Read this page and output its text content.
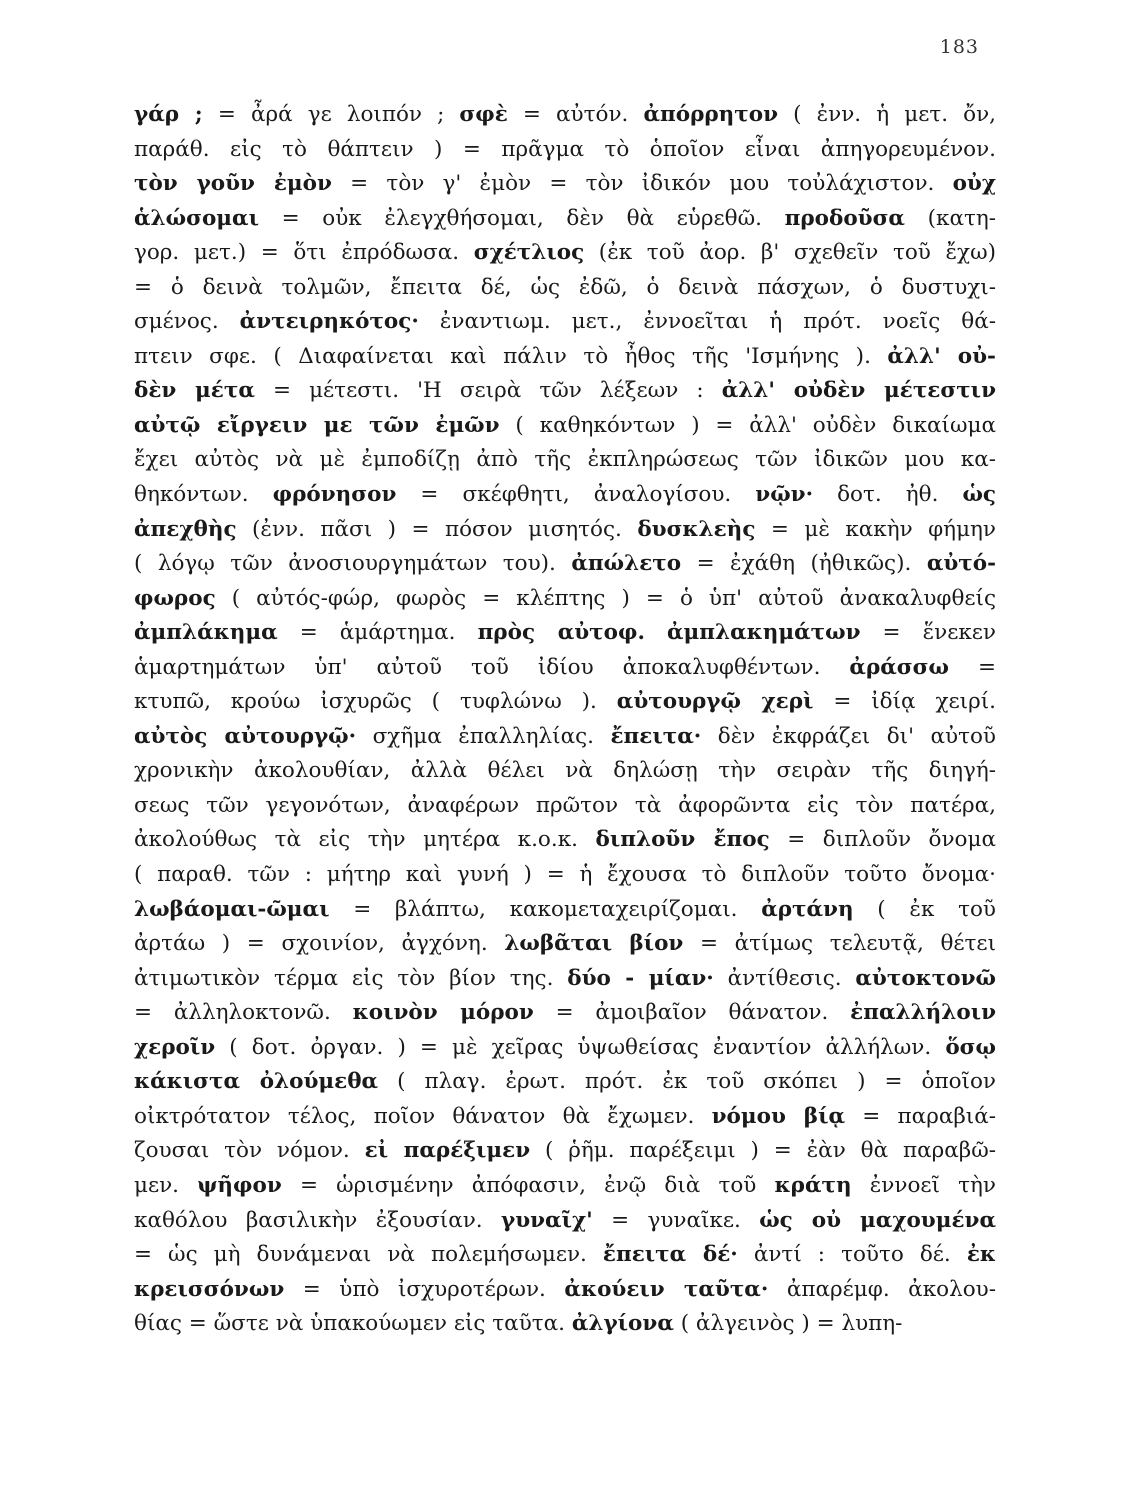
183
γάρ ; = ἆρά γε λοιπόν ; σφὲ = αὐτόν. ἀπόρρητον ( ἐνν. ἡ μετ. ὄν,
παράθ. εἰς τὸ θάπτειν ) = πρᾶγμα τὸ ὁποῖον εἶναι ἀπηγορευμένον.
τὸν γοῦν ἐμὸν = τὸν γ' ἐμὸν = τὸν ἰδικόν μου τοὐλάχιστον. οὐχ
ἁλώσομαι = οὐκ ἐλεγχθήσομαι, δὲν θὰ εὑρεθῶ. προδοῦσα (κατη-
γορ. μετ.) = ὅτι ἐπρόδωσα. σχέτλιος (ἐκ τοῦ ἀορ. β' σχεθεῖν τοῦ ἔχω)
= ὁ δεινὰ τολμῶν, ἔπειτα δέ, ὡς ἐδῶ, ὁ δεινὰ πάσχων, ὁ δυστυχι-
σμένος. ἀντειρηκότος· ἐναντιωμ. μετ., ἐννοεῖται ἡ πρότ. νοεῖς θά-
πτειν σφε. ( Διαφαίνεται καὶ πάλιν τὸ ἦθος τῆς 'Ισμήνης ). ἀλλ' οὐ-
δὲν μέτα = μέτεστι. 'Η σειρὰ τῶν λέξεων : ἀλλ' οὐδὲν μέτεστιν
αὐτῷ εἴργειν με τῶν ἐμῶν ( καθηκόντων ) = ἀλλ' οὐδὲν δικαίωμα
ἔχει αὐτὸς νὰ μὲ ἐμποδίζῃ ἀπὸ τῆς ἐκπληρώσεως τῶν ἰδικῶν μου κα-
θηκόντων. φρόνησον = σκέφθητι, ἀναλογίσου. νῷν· δοτ. ἠθ. ὡς
ἀπεχθὴς (ἐνν. πᾶσι ) = πόσον μισητός. δυσκλεὴς = μὲ κακὴν φήμην
( λόγῳ τῶν ἀνοσιουργημάτων του). ἀπώλετο = ἐχάθη (ἠθικῶς). αὐτό-
φωρος ( αὐτός-φώρ, φωρὸς = κλέπτης ) = ὁ ὑπ' αὐτοῦ ἀνακαλυφθείς
ἀμπλάκημα = ἁμάρτημα. πρὸς αὐτοφ. ἀμπλακημάτων = ἕνεκεν
ἁμαρτημάτων ὑπ' αὐτοῦ τοῦ ἰδίου ἀποκαλυφθέντων. ἀράσσω =
κτυπῶ, κρούω ἰσχυρῶς ( τυφλώνω ). αὐτουργῷ χερὶ = ἰδίᾳ χειρί.
αὐτὸς αὐτουργῷ· σχῆμα ἐπαλληλίας. ἔπειτα· δὲν ἐκφράζει δι' αὐτοῦ
χρονικὴν ἀκολουθίαν, ἀλλὰ θέλει νὰ δηλώσῃ τὴν σειρὰν τῆς διηγή-
σεως τῶν γεγονότων, ἀναφέρων πρῶτον τὰ ἀφορῶντα εἰς τὸν πατέρα,
ἀκολούθως τὰ εἰς τὴν μητέρα κ.ο.κ. διπλοῦν ἔπος = διπλοῦν ὄνομα
( παραθ. τῶν : μήτηρ καὶ γυνή ) = ἡ ἔχουσα τὸ διπλοῦν τοῦτο ὄνομα·
λωβάομαι-ῶμαι = βλάπτω, κακομεταχειρίζομαι. ἀρτάνη ( ἐκ τοῦ
ἀρτάω ) = σχοινίον, ἀγχόνη. λωβᾶται βίον = ἀτίμως τελευτᾷ, θέτει
ἀτιμωτικὸν τέρμα εἰς τὸν βίον της. δύο - μίαν· ἀντίθεσις. αὐτοκτονῶ
= ἀλληλοκτονῶ. κοινὸν μόρον = ἀμοιβαῖον θάνατον. ἐπαλλήλοιν
χεροῖν ( δοτ. ὀργαν. ) = μὲ χεῖρας ὑψωθείσας ἐναντίον ἀλλήλων. ὅσῳ
κάκιστα ὀλούμεθα ( πλαγ. ἐρωτ. πρότ. ἐκ τοῦ σκόπει ) = ὁποῖον
οἰκτρότατον τέλος, ποῖον θάνατον θὰ ἔχωμεν. νόμου βίᾳ = παραβιά-
ζουσαι τὸν νόμον. εἰ παρέξιμεν ( ῥῆμ. παρέξειμι ) = ἐὰν θὰ παραβῶ-
μεν. ψῆφον = ὡρισμένην ἀπόφασιν, ἐνῷ διὰ τοῦ κράτη ἐννοεῖ τὴν
καθόλου βασιλικὴν ἐξουσίαν. γυναῖχ' = γυναῖκε. ὡς οὐ μαχουμένα
= ὡς μὴ δυνάμεναι νὰ πολεμήσωμεν. ἔπειτα δέ· ἀντί : τοῦτο δέ. ἐκ
κρεισσόνων = ὑπὸ ἰσχυροτέρων. ἀκούειν ταῦτα· ἀπαρέμφ. ἀκολου-
θίας = ὥστε νὰ ὑπακούωμεν εἰς ταῦτα. ἀλγίονα ( ἀλγεινὸς ) = λυπη-
